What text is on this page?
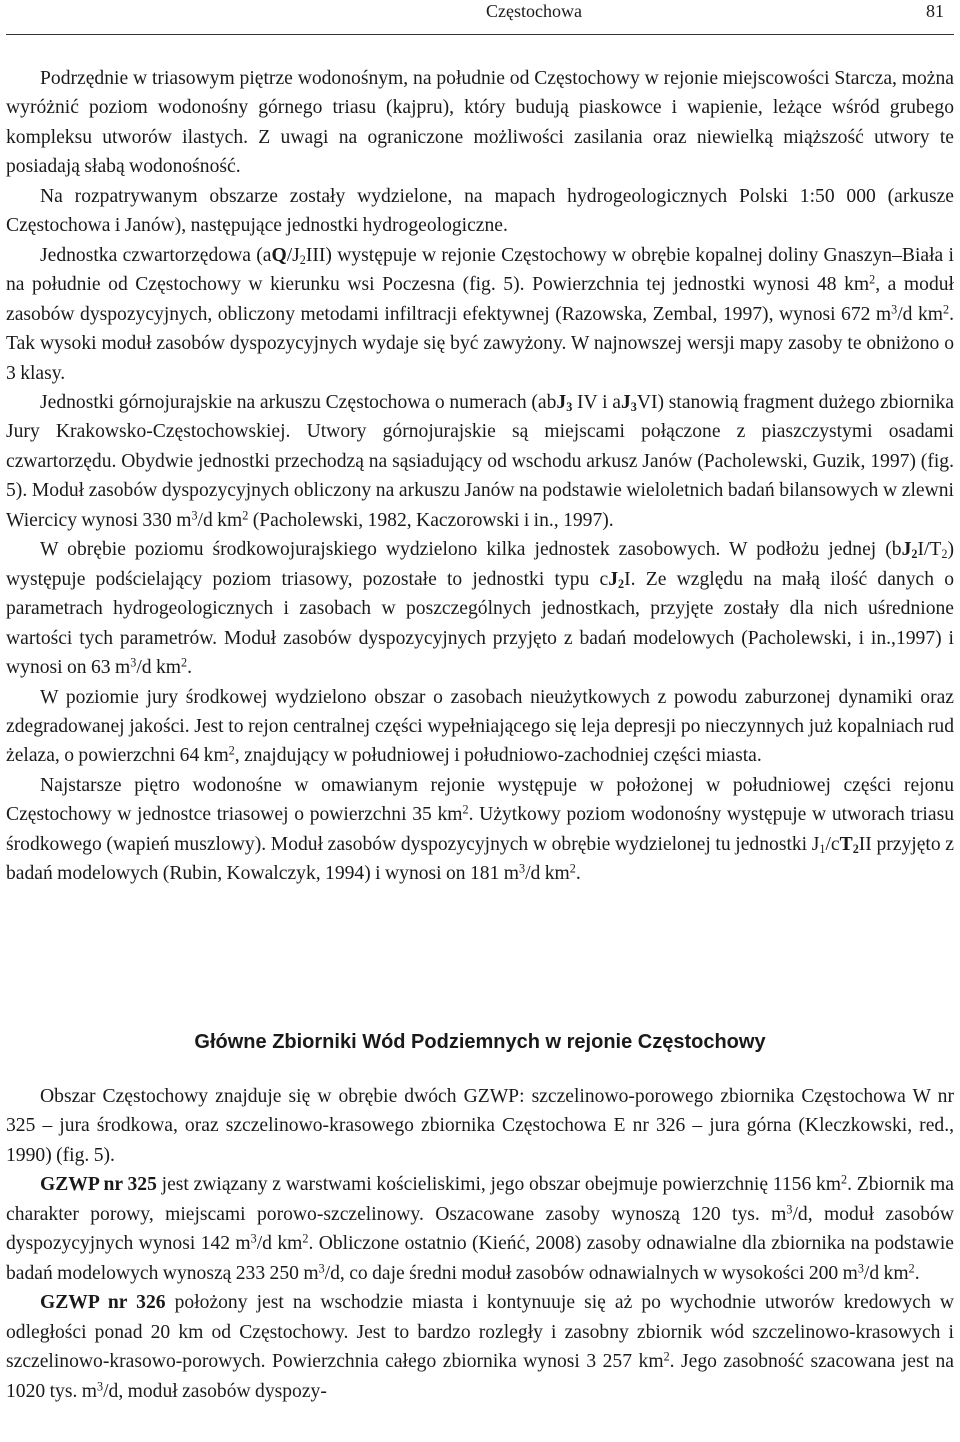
Częstochowa	81

Podrzędnie w triasowym piętrze wodonośnym, na południe od Częstochowy w rejonie miejscowości Starcza, można wyróżnić poziom wodonośny górnego triasu (kajpru), który budują piaskowce i wapienie, leżące wśród grubego kompleksu utworów ilastych. Z uwagi na ograniczone możliwości zasilania oraz niewielką miąższość utwory te posiadają słabą wodonośność.

Na rozpatrywanym obszarze zostały wydzielone, na mapach hydrogeologicznych Polski 1:50 000 (arkusze Częstochowa i Janów), następujące jednostki hydrogeologiczne.

Jednostka czwartorzędowa $(aQ/J_2III)$ występuje w rejonie Częstochowy w obrębie kopalnej doliny Gnaszyn–Biała i na południe od Częstochowy w kierunku wsi Poczesna (fig. 5). Powierzchnia tej jednostki wynosi 48 $km^2$, a moduł zasobów dyspozycyjnych, obliczony metodami infiltracji efektywnej (Razowska, Zembal, 1997), wynosi 672 $m^3/d$ $km^2$. Tak wysoki moduł zasobów dyspozycyjnych wydaje się być zawyżony. W najnowszej wersji mapy zasoby te obniżono o 3 klasy.

Jednostki górnojurajskie na arkuszu Częstochowa o numerach (abJ$_3$ IV i $aJ_3VI$) stanowią fragment dużego zbiornika Jury Krakowsko-Częstochowskiej. Utwory górnojurajskie są miejscami połączone z piaszczystymi osadami czwartorzędu. Obydwie jednostki przechodzą na sąsiadujący od wschodu arkusz Janów (Pacholewski, Guzik, 1997) (fig. 5). Moduł zasobów dyspozycyjnych obliczony na arkuszu Janów na podstawie wieloletnich badań bilansowych w zlewni Wiercicy wynosi 330 $m^3/d$ $km^2$ (Pacholewski, 1982, Kaczorowski i in., 1997).

W obrębie poziomu środkowojurajskiego wydzielono kilka jednostek zasobowych. W podłożu jednej $(bJ_2I/T_2)$ występuje podścielający poziom triasowy, pozostałe to jednostki typu $cJ_2I$. Ze względu na małą ilość danych o parametrach hydrogeologicznych i zasobach w poszczególnych jednostkach, przyjęte zostały dla nich uśrednione wartości tych parametrów. Moduł zasobów dyspozycyjnych przyjęto z badań modelowych (Pacholewski, i in.,1997) i wynosi on 63 $m^3/d$ $km^2$.

W poziomie jury środkowej wydzielono obszar o zasobach nieużytkowych z powodu zaburzonej dynamiki oraz zdegradowanej jakości. Jest to rejon centralnej części wypełniającego się leja depresji po nieczynnych już kopalniach rud żelaza, o powierzchni 64 $km^2$, znajdujący w południowej i południowo-zachodniej części miasta.

Najstarsze piętro wodonośne w omawianym rejonie występuje w położonej w południowej części rejonu Częstochowy w jednostce triasowej o powierzchni 35 $km^2$. Użytkowy poziom wodonośny występuje w utworach triasu środkowego (wapień muszlowy). Moduł zasobów dyspozycyjnych w obrębie wydzielonej tu jednostki $J_1/cT_2II$ przyjęto z badań modelowych (Rubin, Kowalczyk, 1994) i wynosi on 181 $m^3/d$ $km^2$.

Główne Zbiorniki Wód Podziemnych w rejonie Częstochowy

Obszar Częstochowy znajduje się w obrębie dwóch GZWP: szczelinowo-porowego zbiornika Częstochowa W nr 325 – jura środkowa, oraz szczelinowo-krasowego zbiornika Częstochowa E nr 326 – jura górna (Kleczkowski, red., 1990) (fig. 5).

GZWP nr 325 jest związany z warstwami kościeliskimi, jego obszar obejmuje powierzchnię 1156 $km^2$. Zbiornik ma charakter porowy, miejscami porowo-szczelinowy. Oszacowane zasoby wynoszą 120 tys. $m^3/d$, moduł zasobów dyspozycyjnych wynosi 142 $m^3/d$ $km^2$. Obliczone ostatnio (Kieńć, 2008) zasoby odnawialne dla zbiornika na podstawie badań modelowych wynoszą 233 250 $m^3/d$, co daje średni moduł zasobów odnawialnych w wysokości 200 $m^3/d$ $km^2$.

GZWP nr 326 położony jest na wschodzie miasta i kontynuuje się aż po wychodnie utworów kredowych w odległości ponad 20 km od Częstochowy. Jest to bardzo rozległy i zasobny zbiornik wód szczelinowo-krasowych i szczelinowo-krasowo-porowych. Powierzchnia całego zbiornika wynosi 3 257 $km^2$. Jego zasobność szacowana jest na 1020 tys. $m^3/d$, moduł zasobów dyspozy-
